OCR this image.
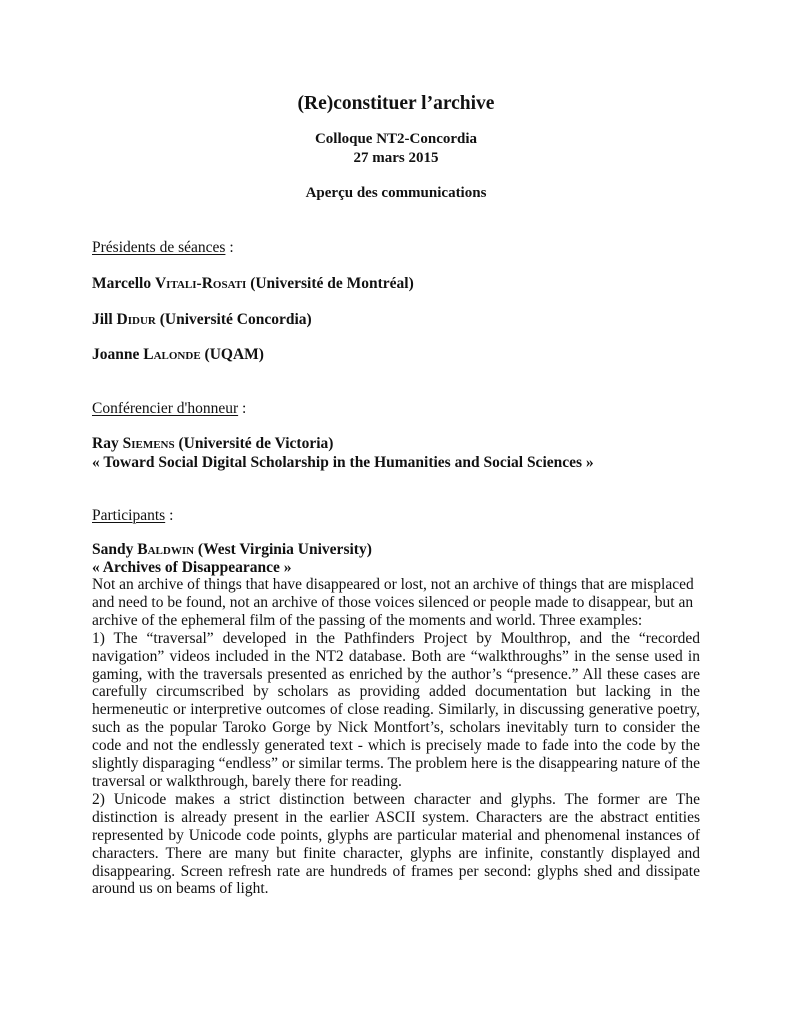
(Re)constituer l’archive
Colloque NT2-Concordia
27 mars 2015
Aperçu des communications
Présidents de séances :
Marcello Vitali-Rosati (Université de Montréal)
Jill Didur (Université Concordia)
Joanne Lalonde (UQAM)
Conférencier d'honneur :
Ray Siemens (Université de Victoria)
« Toward Social Digital Scholarship in the Humanities and Social Sciences »
Participants :
Sandy Baldwin (West Virginia University)
« Archives of Disappearance »

Not an archive of things that have disappeared or lost, not an archive of things that are misplaced and need to be found, not an archive of those voices silenced or people made to disappear, but an archive of the ephemeral film of the passing of the moments and world. Three examples:

1) The “traversal” developed in the Pathfinders Project by Moulthrop, and the “recorded navigation” videos included in the NT2 database. Both are “walkthroughs” in the sense used in gaming, with the traversals presented as enriched by the author’s “presence.” All these cases are carefully circumscribed by scholars as providing added documentation but lacking in the hermeneutic or interpretive outcomes of close reading. Similarly, in discussing generative poetry, such as the popular Taroko Gorge by Nick Montfort’s, scholars inevitably turn to consider the code and not the endlessly generated text - which is precisely made to fade into the code by the slightly disparaging “endless” or similar terms. The problem here is the disappearing nature of the traversal or walkthrough, barely there for reading.

2) Unicode makes a strict distinction between character and glyphs. The former are The distinction is already present in the earlier ASCII system. Characters are the abstract entities represented by Unicode code points, glyphs are particular material and phenomenal instances of characters. There are many but finite character, glyphs are infinite, constantly displayed and disappearing. Screen refresh rate are hundreds of frames per second: glyphs shed and dissipate around us on beams of light.
